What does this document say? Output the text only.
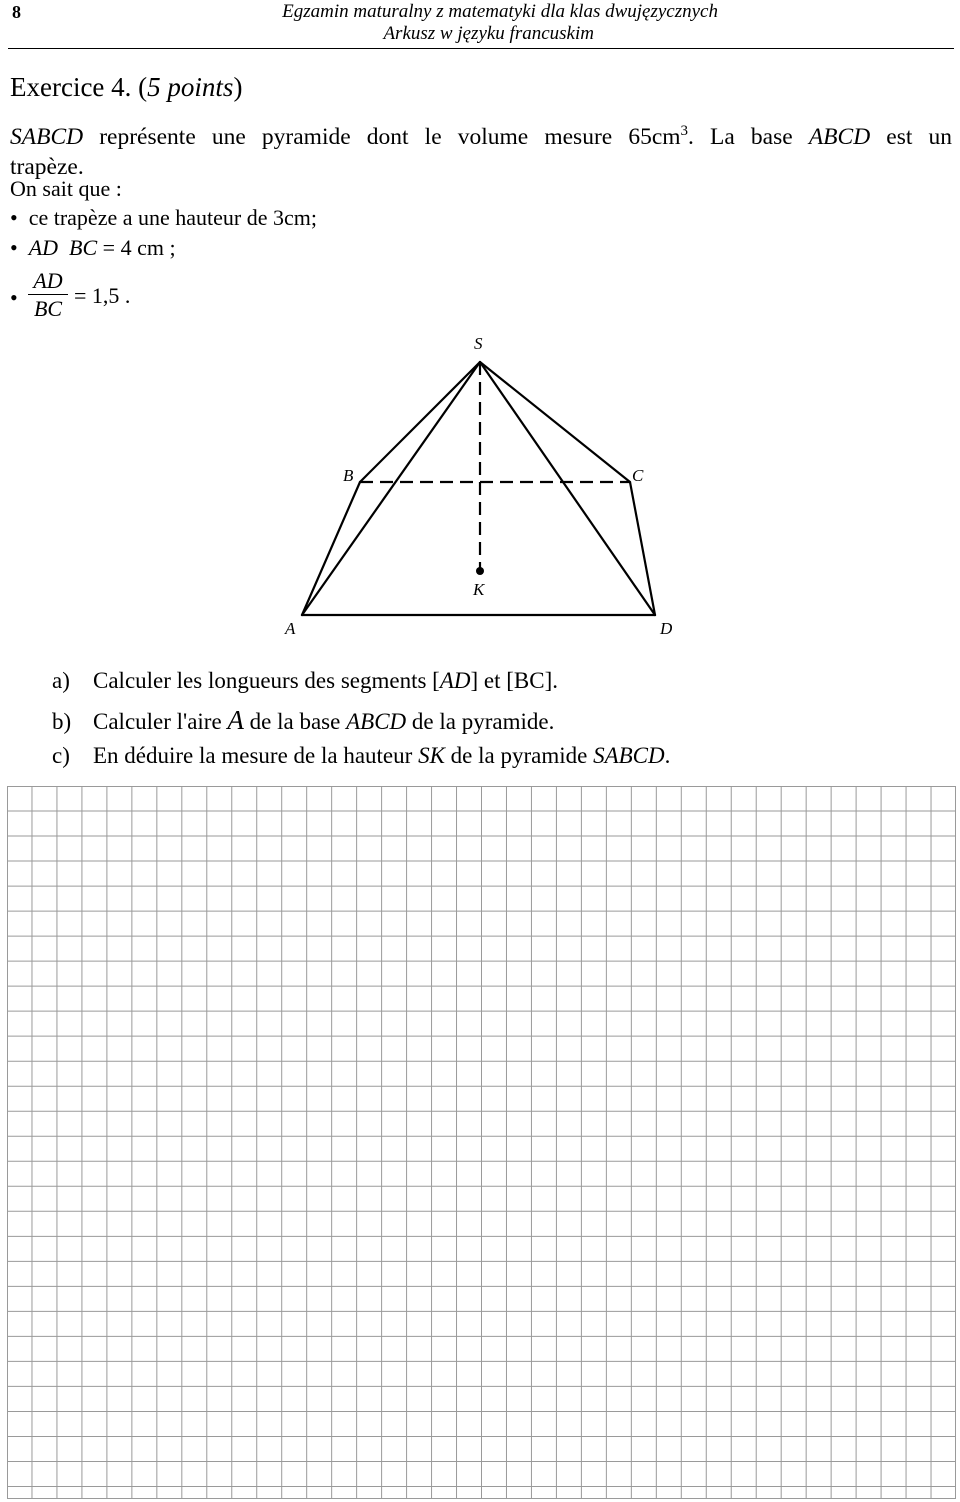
8	Egzamin maturalny z matematyki dla klas dwujęzycznych
Arkusz w języku francuskim
Exercice 4. (5 points)
SABCD représente une pyramide dont le volume mesure $65cm^3$. La base ABCD est un
trapèze.
On sait que :
• ce trapèze a une hauteur de 3cm;
• AD BC = 4 cm ;
• $\frac{AD}{BC} = 1,5$ .
S
B	C
K
A	D
a) Calculer les longueurs des segments [AD] et [BC].
b) Calculer l'aire A de la base ABCD de la pyramide.
c) En déduire la mesure de la hauteur SK de la pyramide SABCD.
